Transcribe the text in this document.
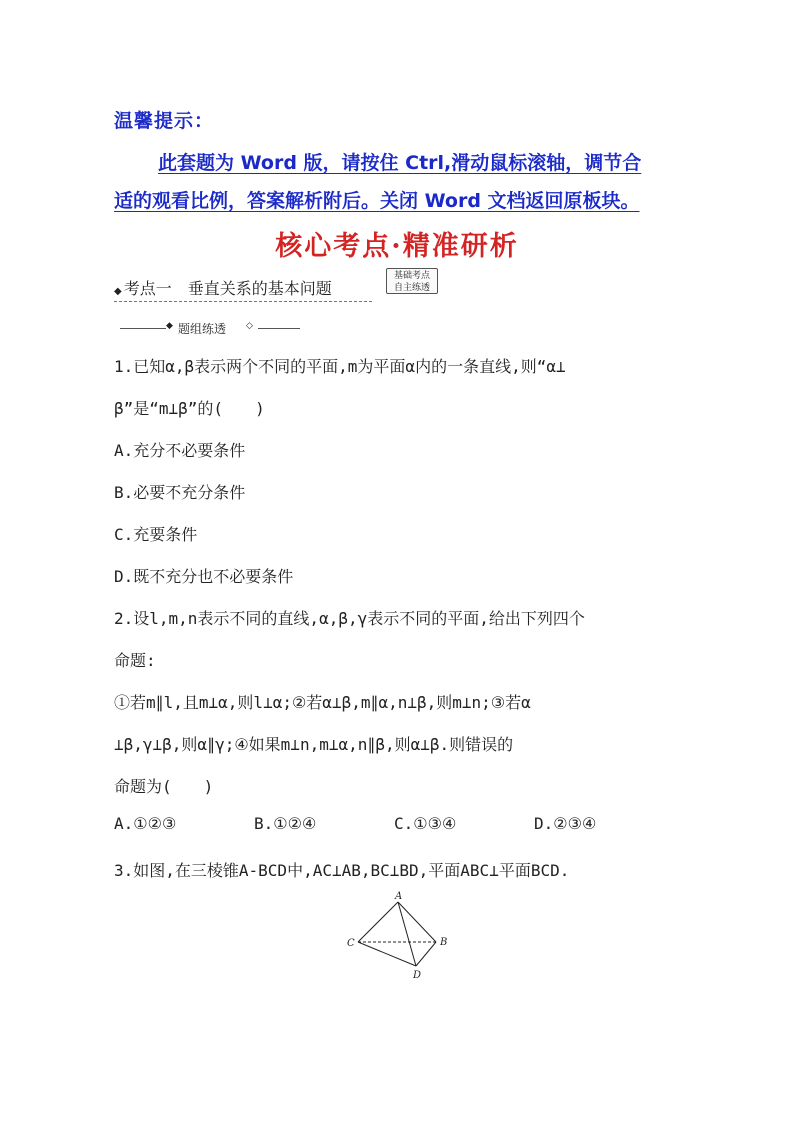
温馨提示：
此套题为 Word 版，请按住 Ctrl,滑动鼠标滚轴，调节合
适的观看比例，答案解析附后。关闭 Word 文档返回原板块。
核心考点·精准研析
◆ 考点一　垂直关系的基本问题
基础考点
自主练透
◆ 题组练透 ◇
1.已知α,β表示两个不同的平面,m为平面α内的一条直线,则“α⊥
β”是“m⊥β”的(　　)
A.充分不必要条件
B.必要不充分条件
C.充要条件
D.既不充分也不必要条件
2.设l,m,n表示不同的直线,α,β,γ表示不同的平面,给出下列四个
命题:
①若m∥l,且m⊥α,则l⊥α;②若α⊥β,m∥α,n⊥β,则m⊥n;③若α
⊥β,γ⊥β,则α∥γ;④如果m⊥n,m⊥α,n∥β,则α⊥β.则错误的
命题为(　　)
A.①②③	B.①②④	C.①③④	D.②③④
3.如图,在三棱锥A-BCD中,AC⊥AB,BC⊥BD,平面ABC⊥平面BCD.
A
B
C
D
